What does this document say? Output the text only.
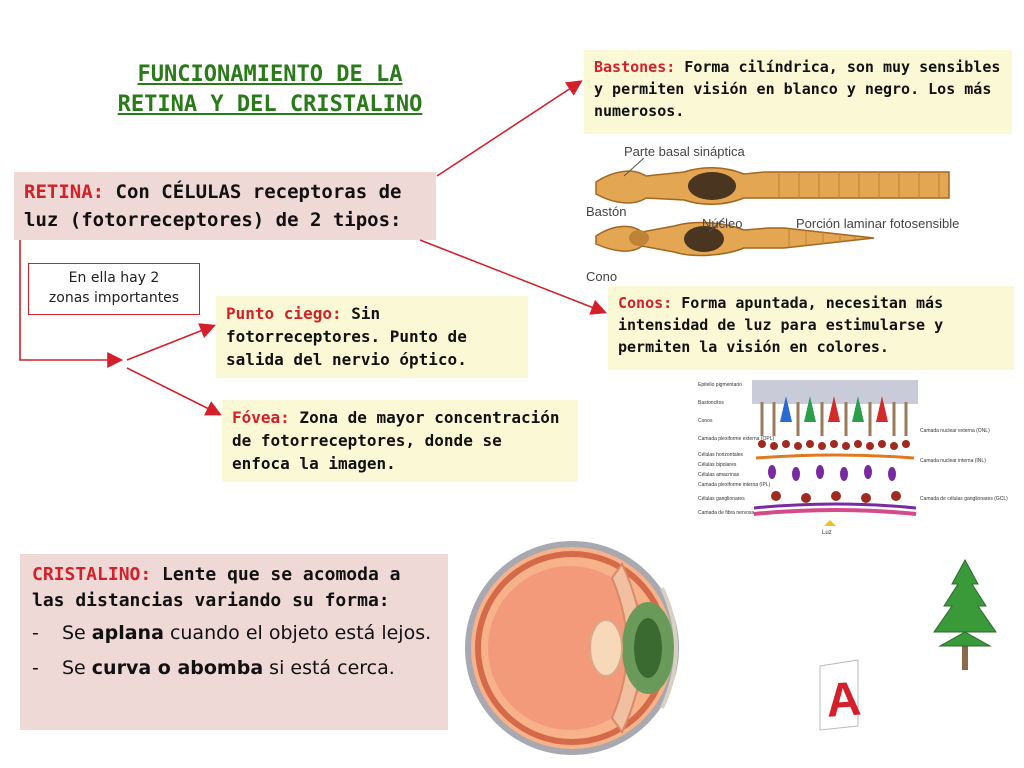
FUNCIONAMIENTO DE LA
RETINA Y DEL CRISTALINO
RETINA: Con CÉLULAS receptoras de luz (fotorreceptores) de 2 tipos:
En ella hay 2
zonas importantes
Punto ciego: Sin fotorreceptores. Punto de salida del nervio óptico.
Fóvea: Zona de mayor concentración de fotorreceptores, donde se enfoca la imagen.
Bastones: Forma cilíndrica, son muy sensibles y permiten visión en blanco y negro. Los más numerosos.
Conos: Forma apuntada, necesitan más intensidad de luz para estimularse y permiten la visión en colores.
CRISTALINO: Lente que se acomoda a las distancias variando su forma:
- Se aplana cuando el objeto está lejos.
- Se curva o abomba si está cerca.
Parte basal sináptica
Bastón
Núcleo	Porción laminar fotosensible
Cono
Luz
Epitelio pigmentario
Bastoncitos
Conos
Camada plexiforme externa (OPL)
Células horizontales
Células bipolares
Células amacrinas
Camada plexiforme interna (IPL)
Células ganglionares
Camada de fibra nervosa
Camada nuclear externa (ONL)
Camada nuclear interna (INL)
Camada de células ganglionares (GCL)
A
